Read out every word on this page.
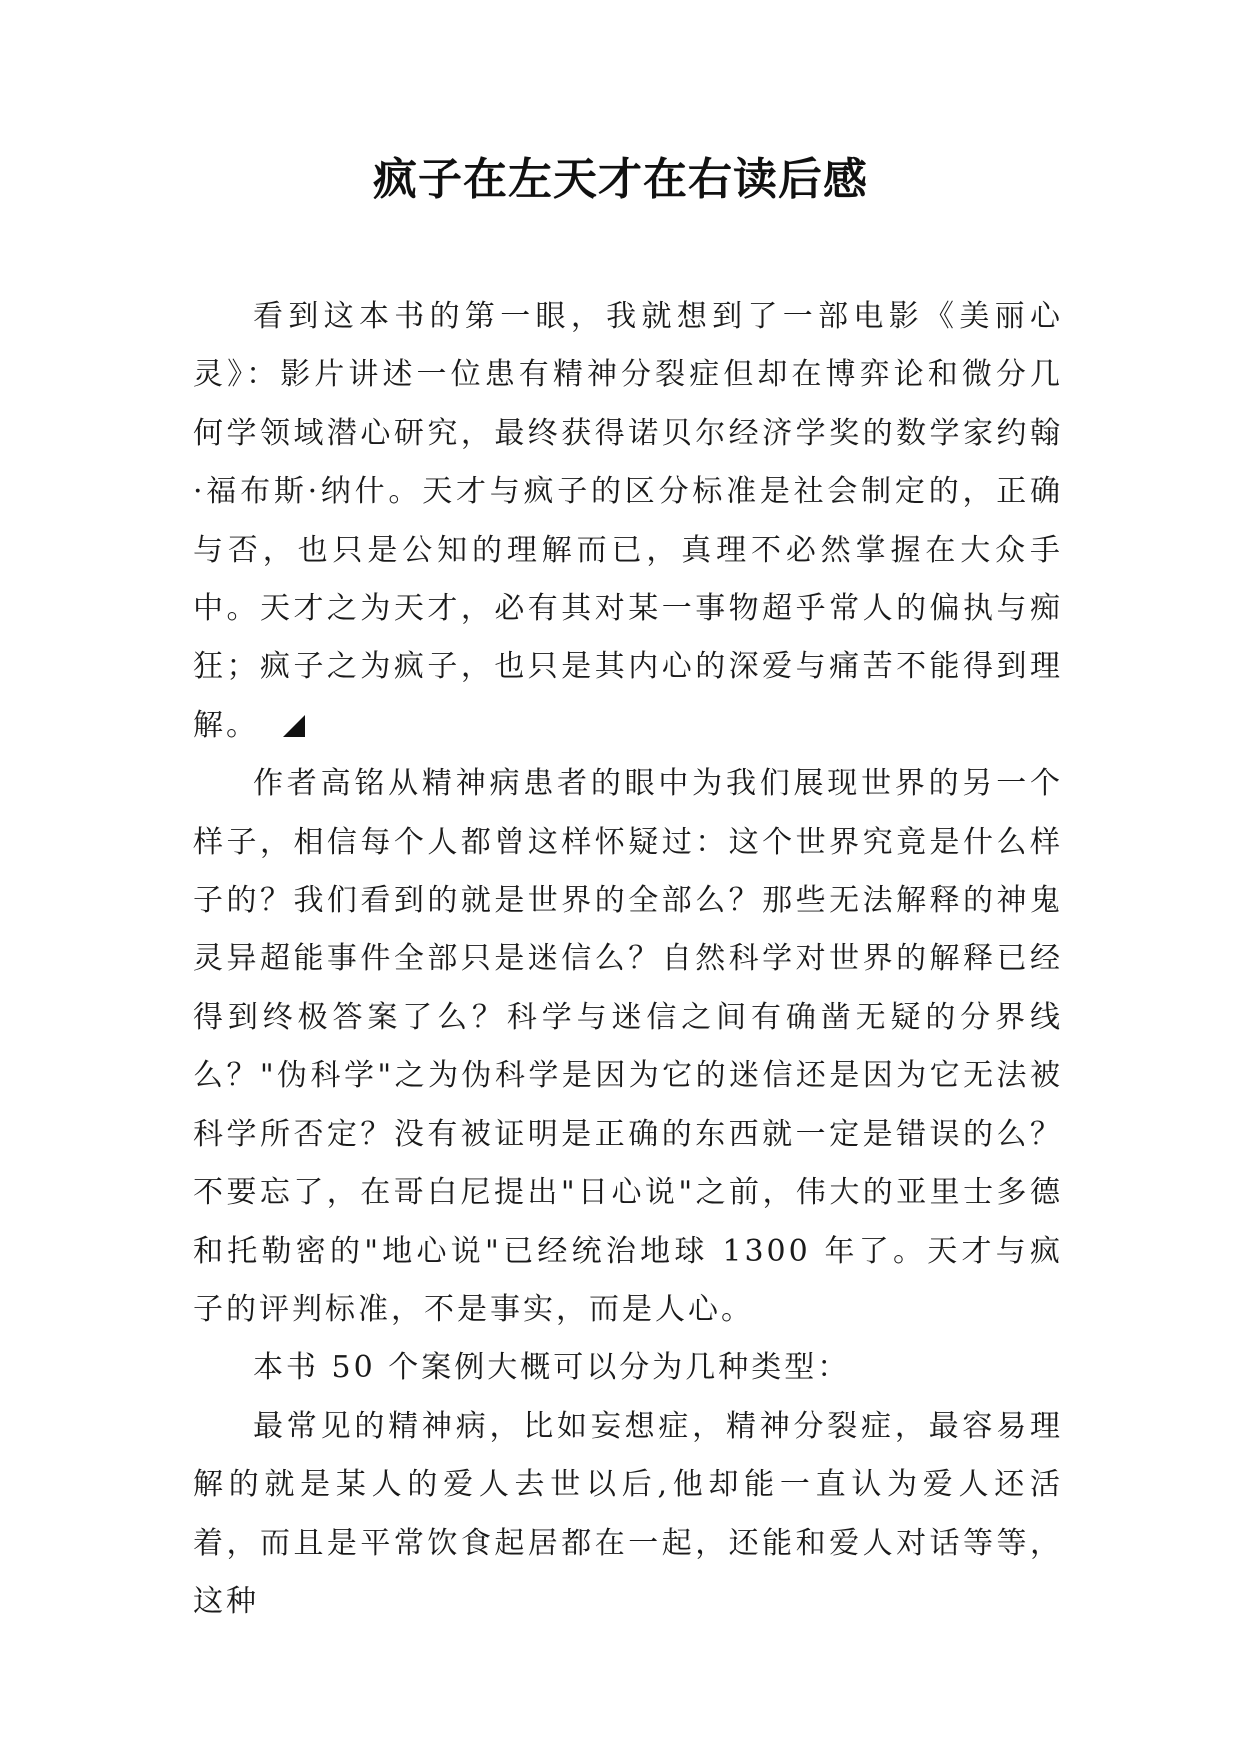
疯子在左天才在右读后感

看到这本书的第一眼，我就想到了一部电影《美丽心灵》：影片讲述一位患有精神分裂症但却在博弈论和微分几何学领域潜心研究，最终获得诺贝尔经济学奖的数学家约翰·福布斯·纳什。天才与疯子的区分标准是社会制定的，正确与否，也只是公知的理解而已，真理不必然掌握在大众手中。天才之为天才，必有其对某一事物超乎常人的偏执与痴狂；疯子之为疯子，也只是其内心的深爱与痛苦不能得到理解。

作者高铭从精神病患者的眼中为我们展现世界的另一个样子，相信每个人都曾这样怀疑过：这个世界究竟是什么样子的？我们看到的就是世界的全部么？那些无法解释的神鬼灵异超能事件全部只是迷信么？自然科学对世界的解释已经得到终极答案了么？科学与迷信之间有确凿无疑的分界线么？"伪科学"之为伪科学是因为它的迷信还是因为它无法被科学所否定？没有被证明是正确的东西就一定是错误的么？不要忘了，在哥白尼提出"日心说"之前，伟大的亚里士多德和托勒密的"地心说"已经统治地球 1300 年了。天才与疯子的评判标准，不是事实，而是人心。

本书 50 个案例大概可以分为几种类型：

最常见的精神病，比如妄想症，精神分裂症，最容易理解的就是某人的爱人去世以后,他却能一直认为爱人还活着，而且是平常饮食起居都在一起，还能和爱人对话等等，这种
